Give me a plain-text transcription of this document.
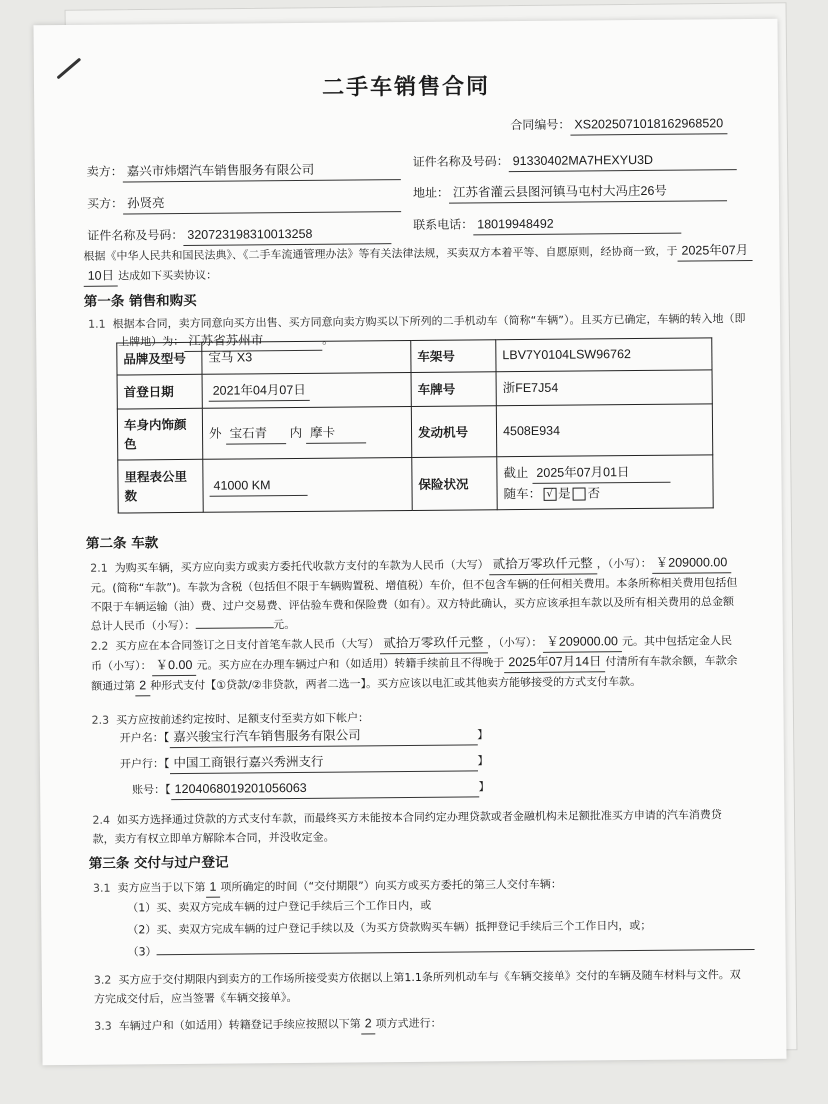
二手车销售合同
合同编号： XS2025071018162968520
卖方： 嘉兴市炜熠汽车销售服务有限公司
证件名称及号码： 91330402MA7HEXYU3D
买方： 孙贤亮
地址： 江苏省灌云县图河镇马屯村大冯庄26号
证件名称及号码： 320723198310013258
联系电话： 18019948492
根据《中华人民共和国民法典》、《二手车流通管理办法》等有关法律法规，买卖双方本着平等、自愿原则，经协商一致，于 2025年07月
10日 达成如下买卖协议：
第一条 销售和购买
1.1 根据本合同，卖方同意向买方出售、买方同意向卖方购买以下所列的二手机动车（简称“车辆”）。且买方已确定，车辆的转入地（即
上牌地）为： 江苏省苏州市	。
品牌及型号	宝马 X3	车架号	LBV7Y0104LSW96762
首登日期	2021年04月07日	车牌号	浙FE7J54
车身内饰颜色	外 宝石青 内 摩卡	发动机号	4508E934
里程表公里数	41000 KM	保险状况	截止 2025年07月01日
随车： √ 是 否
第二条 车款
2.1 为购买车辆，买方应向卖方或卖方委托代收款方支付的车款为人民币（大写） 贰拾万零玖仟元整 ，（小写）： ￥209000.00元。(简称“车款”)。车款为含税（包括但不限于车辆购置税、增值税）车价，但不包含车辆的任何相关费用。本条所称相关费用包括但不限于车辆运输（油）费、过户交易费、评估验车费和保险费（如有）。双方特此确认，买方应该承担车款以及所有相关费用的总金额总计人民币（小写）：	元。
2.2 买方应在本合同签订之日支付首笔车款人民币（大写） 贰拾万零玖仟元整 ，（小写）： ￥209000.00 元。其中包括定金人民币（小写）： ￥0.00 元。买方应在办理车辆过户和（如适用）转籍手续前且不得晚于 2025年07月14日 付清所有车款余额，车款余额通过第 2 种形式支付【①贷款/②非贷款，两者二选一】。买方应该以电汇或其他卖方能够接受的方式支付车款。
2.3 买方应按前述约定按时、足额支付至卖方如下帐户：
开户名：【 嘉兴骏宝行汽车销售服务有限公司	】
开户行：【 中国工商银行嘉兴秀洲支行	】
账号：【 1204068019201056063	】
2.4 如买方选择通过贷款的方式支付车款，而最终买方未能按本合同约定办理贷款或者金融机构未足额批准买方申请的汽车消费贷款，卖方有权立即单方解除本合同，并没收定金。
第三条 交付与过户登记
3.1 卖方应当于以下第 1 项所确定的时间（“交付期限”）向买方或买方委托的第三人交付车辆：
（1）买、卖双方完成车辆的过户登记手续后三个工作日内，或
（2）买、卖双方完成车辆的过户登记手续以及（为买方贷款购买车辆）抵押登记手续后三个工作日内，或；
（3）
3.2 买方应于交付期限内到卖方的工作场所接受卖方依据以上第1.1条所列机动车与《车辆交接单》交付的车辆及随车材料与文件。双方完成交付后，应当签署《车辆交接单》。
3.3 车辆过户和（如适用）转籍登记手续应按照以下第 2 项方式进行：
